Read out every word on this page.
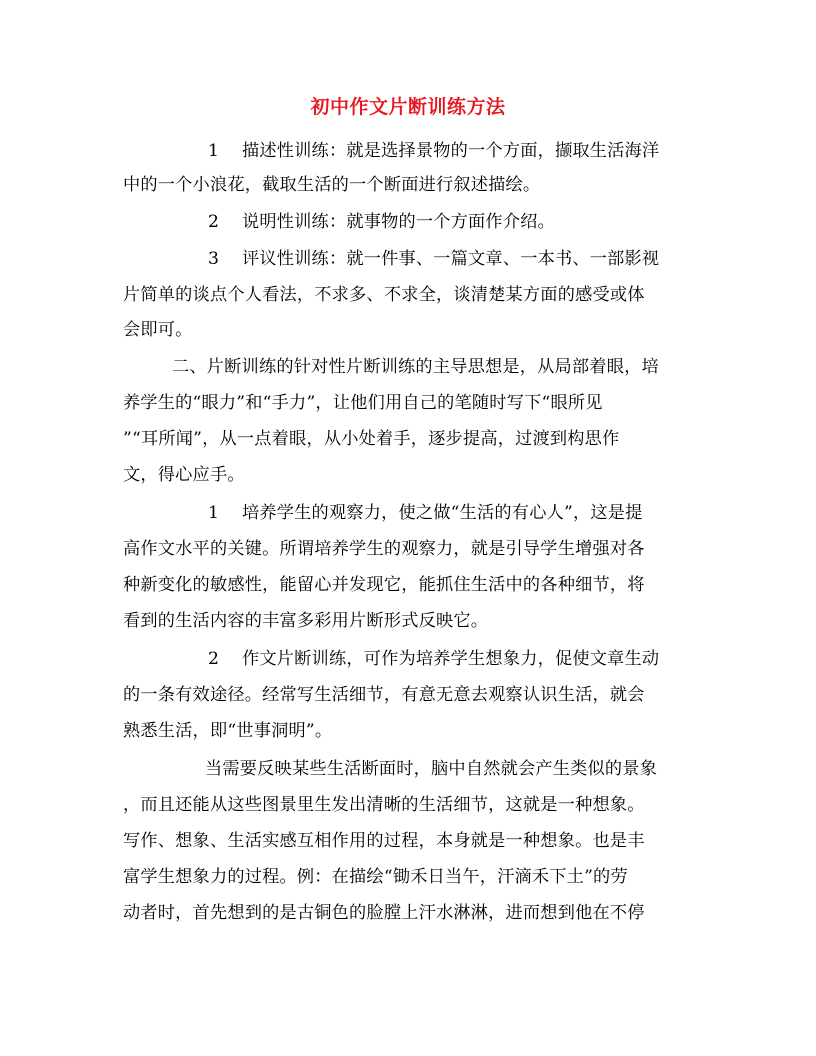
初中作文片断训练方法
1 描述性训练：就是选择景物的一个方面，撷取生活海洋
中的一个小浪花，截取生活的一个断面进行叙述描绘。
2 说明性训练：就事物的一个方面作介绍。
3 评议性训练：就一件事、一篇文章、一本书、一部影视
片简单的谈点个人看法，不求多、不求全，谈清楚某方面的感受或体
会即可。
二、片断训练的针对性片断训练的主导思想是，从局部着眼，培
养学生的“眼力”和“手力”，让他们用自己的笔随时写下“眼所见
”“耳所闻”，从一点着眼，从小处着手，逐步提高，过渡到构思作
文，得心应手。
1 培养学生的观察力，使之做“生活的有心人”，这是提
高作文水平的关键。所谓培养学生的观察力，就是引导学生增强对各
种新变化的敏感性，能留心并发现它，能抓住生活中的各种细节，将
看到的生活内容的丰富多彩用片断形式反映它。
2 作文片断训练，可作为培养学生想象力，促使文章生动
的一条有效途径。经常写生活细节，有意无意去观察认识生活，就会
熟悉生活，即“世事洞明”。
当需要反映某些生活断面时，脑中自然就会产生类似的景象
，而且还能从这些图景里生发出清晰的生活细节，这就是一种想象。
写作、想象、生活实感互相作用的过程，本身就是一种想象。也是丰
富学生想象力的过程。例：在描绘“锄禾日当午，汗滴禾下土”的劳
动者时，首先想到的是古铜色的脸膛上汗水淋淋，进而想到他在不停
